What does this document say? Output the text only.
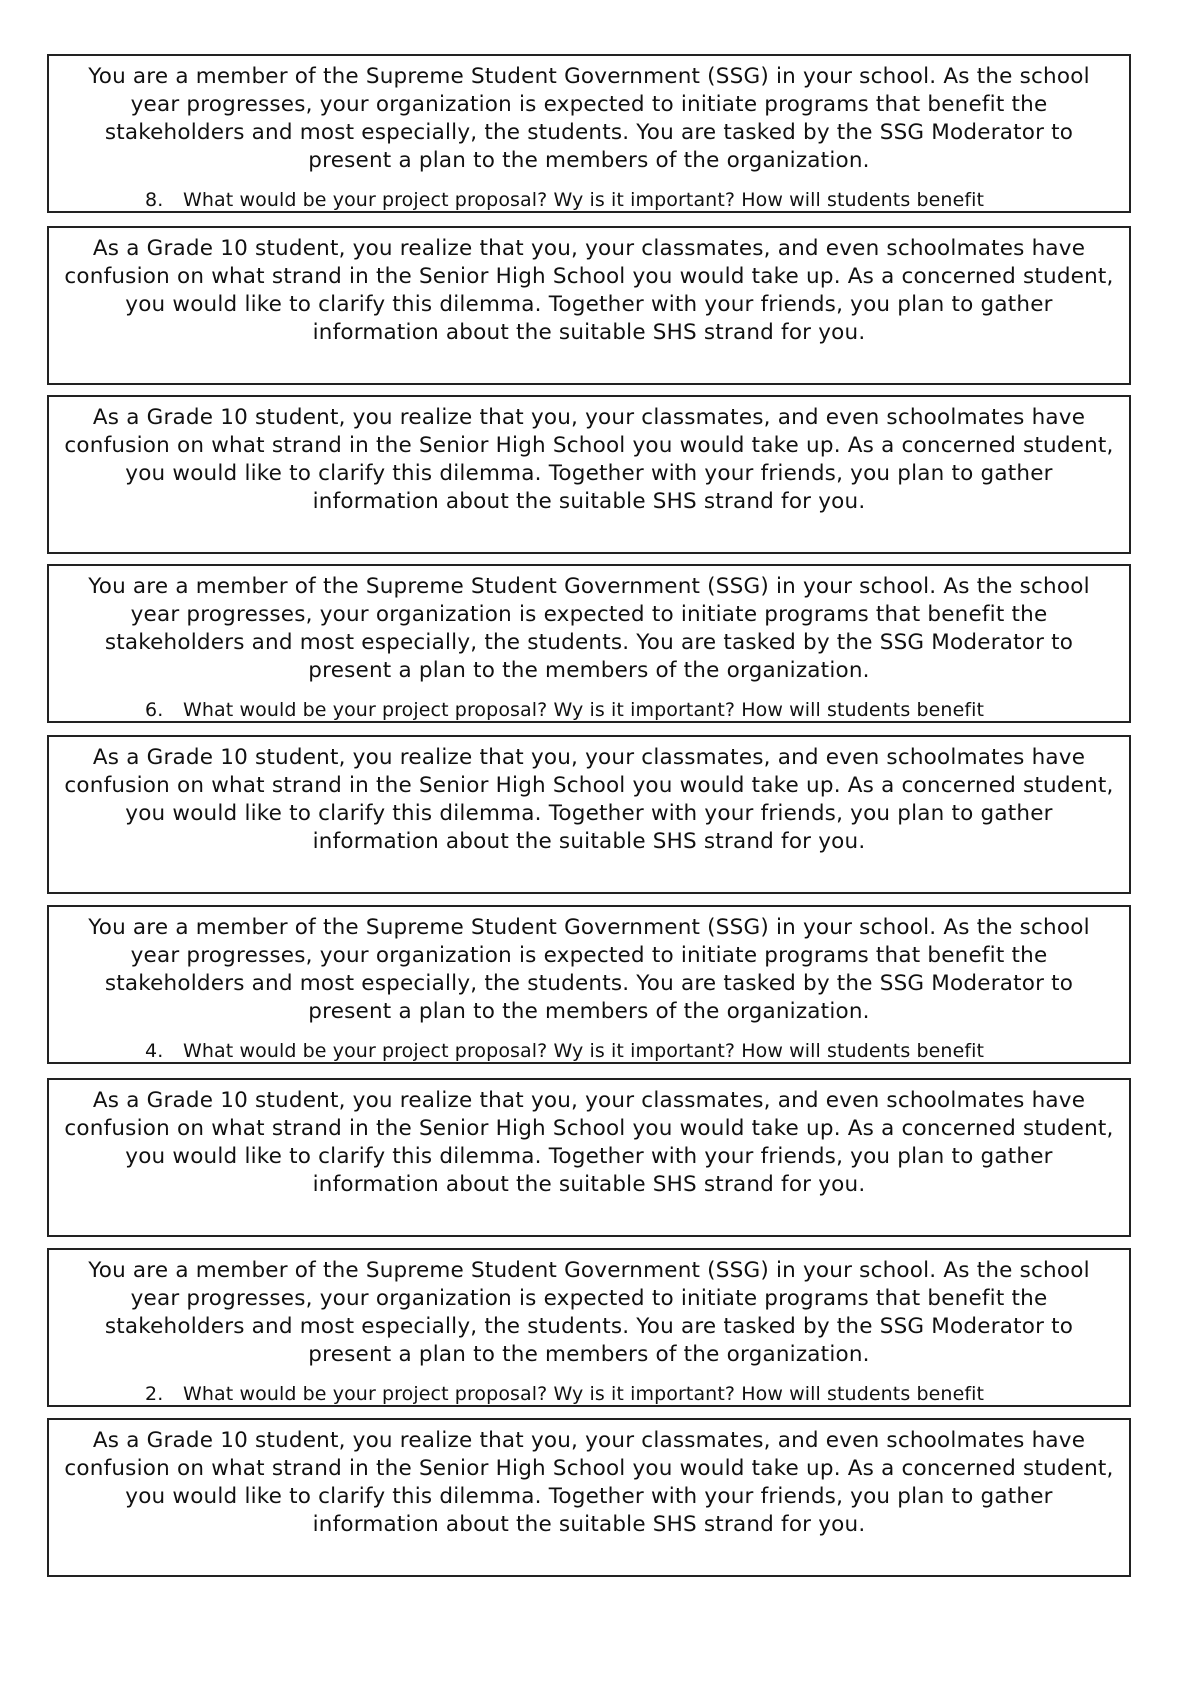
You are a member of the Supreme Student Government (SSG) in your school. As the school year progresses, your organization is expected to initiate programs that benefit the stakeholders and most especially, the students. You are tasked by the SSG Moderator to present a plan to the members of the organization.

8. What would be your project proposal? Wy is it important? How will students benefit

As a Grade 10 student, you realize that you, your classmates, and even schoolmates have confusion on what strand in the Senior High School you would take up. As a concerned student, you would like to clarify this dilemma. Together with your friends, you plan to gather information about the suitable SHS strand for you.

As a Grade 10 student, you realize that you, your classmates, and even schoolmates have confusion on what strand in the Senior High School you would take up. As a concerned student, you would like to clarify this dilemma. Together with your friends, you plan to gather information about the suitable SHS strand for you.

You are a member of the Supreme Student Government (SSG) in your school. As the school year progresses, your organization is expected to initiate programs that benefit the stakeholders and most especially, the students. You are tasked by the SSG Moderator to present a plan to the members of the organization.

6. What would be your project proposal? Wy is it important? How will students benefit

As a Grade 10 student, you realize that you, your classmates, and even schoolmates have confusion on what strand in the Senior High School you would take up. As a concerned student, you would like to clarify this dilemma. Together with your friends, you plan to gather information about the suitable SHS strand for you.

You are a member of the Supreme Student Government (SSG) in your school. As the school year progresses, your organization is expected to initiate programs that benefit the stakeholders and most especially, the students. You are tasked by the SSG Moderator to present a plan to the members of the organization.

4. What would be your project proposal? Wy is it important? How will students benefit

As a Grade 10 student, you realize that you, your classmates, and even schoolmates have confusion on what strand in the Senior High School you would take up. As a concerned student, you would like to clarify this dilemma. Together with your friends, you plan to gather information about the suitable SHS strand for you.

You are a member of the Supreme Student Government (SSG) in your school. As the school year progresses, your organization is expected to initiate programs that benefit the stakeholders and most especially, the students. You are tasked by the SSG Moderator to present a plan to the members of the organization.

2. What would be your project proposal? Wy is it important? How will students benefit

As a Grade 10 student, you realize that you, your classmates, and even schoolmates have confusion on what strand in the Senior High School you would take up. As a concerned student, you would like to clarify this dilemma. Together with your friends, you plan to gather information about the suitable SHS strand for you.
